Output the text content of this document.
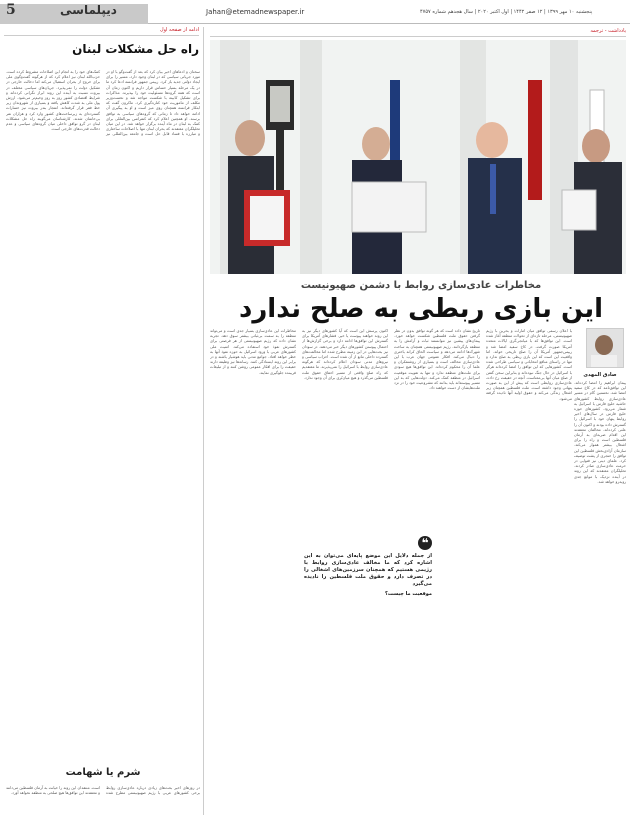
5	دیپلماسی	Jahan@etemadnewspaper.ir	پنجشنبه ۱۰ مهر ۱۳۹۹ | ۱۲ صفر ۱۴۴۲ | اول اکتبر ۲۰۲۰ | سال هجدهم شماره ۴۷۵۷
ادامه از صفحه اول
راه حل مشکلات لبنان
سخنان و ادعاهای اخیر بیان کرد که بعد از گفت‌وگو با او در مورد جریانی سیاسی که در لبنان وجود دارد، مسیر را برای ایجاد دولتی جدید باز کرد. رییس جمهور فرانسه ادعا کرد ما در یک مرحله بسیار حساس قرار داریم و اکنون زمان آن است که همه گروه‌ها مسئولیت خود را بپذیرند. مذاکرات برای تشکیل کابینه با شکست مواجه شد و نخست‌وزیر مکلف از ماموریت خود کناره‌گیری کرد. ماکرون گفت که ابتکار فرانسه همچنان روی میز است و او به پیگیری آن ادامه خواهد داد تا زمانی که گروه‌های سیاسی به توافق برسند. او همچنین اعلام کرد که کنفرانس بین‌المللی برای کمک به لبنان در ماه آینده برگزار خواهد شد. در این میان تحلیلگران معتقدند که بحران لبنان تنها با اصلاحات ساختاری و مبارزه با فساد قابل حل است و جامعه بین‌المللی نیز کمک‌های خود را به انجام این اصلاحات مشروط کرده است. حزب‌الله لبنان نیز اعلام کرد که از هرگونه گفت‌وگوی ملی برای خروج از بحران استقبال می‌کند اما دخالت خارجی در تشکیل دولت را نمی‌پذیرد. جریان‌های سیاسی مختلف در بیروت نسبت به آینده این روند ابراز نگرانی کرده‌اند و شرایط اقتصادی کشور روز به روز وخیم‌تر می‌شود. ارزش پول ملی به شدت کاهش یافته و بسیاری از شهروندان زیر خط فقر قرار گرفته‌اند. انفجار بندر بیروت نیز خسارات گسترده‌ای به زیرساخت‌های کشور وارد کرد و هزاران نفر بی‌خانمان شدند. کارشناسان می‌گویند راه حل مشکلات لبنان در گرو توافق داخلی میان گروه‌های سیاسی و عدم دخالت قدرت‌های خارجی است.
شرم یا شهامت
در روزهای اخیر بحث‌های زیادی درباره عادی‌سازی روابط برخی کشورهای عربی با رژیم صهیونیستی مطرح شده است. منتقدان این روند را خیانت به آرمان فلسطین می‌دانند و معتقدند این توافق‌ها هیچ صلحی به منطقه نخواهد آورد.
یادداشت - ترجمه
مخاطرات عادی‌سازی روابط با دشمن صهیونیست
این بازی ربطی به صلح ندارد
صادق المهدی
با اعلان رسمی توافق میان امارات و بحرین با رژیم صهیونیستی، مرحله تازه‌ای از تحولات منطقه آغاز شده است. این توافق‌ها که با میانجی‌گری ایالات متحده آمریکا صورت گرفت، در کاخ سفید امضا شد و رییس‌جمهور آمریکا آن را صلح تاریخی خواند. اما واقعیت این است که این بازی ربطی به صلح ندارد و تنها در راستای منافع انتخاباتی و سیاسی طراحی شده است. کشورهایی که این توافق را امضا کرده‌اند هرگز با اسرائیل در حال جنگ نبوده‌اند و بنابراین سخن گفتن از صلح میان آنها بی‌معناست. آنچه در حقیقت رخ داده، عادی‌سازی روابطی است که پیش از این به صورت پنهانی وجود داشته است. ملت فلسطین همچنان زیر اشغال زندگی می‌کند و حقوق اولیه آنها نادیده گرفته می‌شود.
تاریخ نشان داده است که هر گونه توافق بدون در نظر گرفتن حقوق ملت فلسطین شکست خواهد خورد. پیمان‌های پیشین نیز نتوانستند ثبات و آرامش را به منطقه بازگردانند. رژیم صهیونیستی همچنان به ساخت شهرک‌ها ادامه می‌دهد و سیاست الحاق کرانه باختری را دنبال می‌کند. افکار عمومی جهان عرب با این عادی‌سازی مخالف است و بسیاری از روشنفکران و علما آن را محکوم کرده‌اند. این توافق‌ها هیچ سودی برای ملت‌های منطقه ندارد و تنها به تقویت موقعیت اسرائیل در منطقه کمک می‌کند. دولت‌هایی که به این مسیر پیوسته‌اند باید بدانند که مشروعیت خود را در نزد ملت‌هایشان از دست خواهند داد.
اکنون پرسش این است که آیا کشورهای دیگر نیز به این روند خواهند پیوست یا خیر. فشارهای آمریکا برای گسترش این توافق‌ها ادامه دارد و برخی گزارش‌ها از احتمال پیوستن کشورهای دیگر خبر می‌دهند. در سودان نیز بحث‌هایی در این زمینه مطرح شده اما مخالفت‌های گسترده داخلی مانع از آن شده است. احزاب سیاسی و نیروهای مدنی سودان اعلام کرده‌اند که هرگونه عادی‌سازی روابط با اسرائیل را نمی‌پذیرند. ما معتقدیم که راه صلح واقعی از مسیر احقاق حقوق ملت فلسطین می‌گذرد و هیچ میان‌بُری برای آن وجود ندارد.
مخاطرات این عادی‌سازی بسیار جدی است و می‌تواند منطقه را به سمت بی‌ثباتی بیشتر سوق دهد. تجربه نشان داده که رژیم صهیونیستی از هر فرصتی برای گسترش نفوذ خود استفاده می‌کند. امنیت ملی کشورهای عربی با ورود اسرائیل به حوزه نفوذ آنها به خطر خواهد افتاد. جوامع مدنی باید هوشیار باشند و در برابر این روند ایستادگی کنند. رسانه‌ها نیز وظیفه دارند حقیقت را برای افکار عمومی روشن کنند و از تبلیغات فریبنده جلوگیری نمایند.
پیمان ابراهیم را امضا کرده‌اند. این توافق‌نامه که در کاخ سفید امضا شد، نخستین گام در مسیر عادی‌سازی روابط کشورهای حاشیه خلیج فارس با اسرائیل به شمار می‌رود. کشورهای حوزه خلیج فارس در سال‌های اخیر روابط پنهان خود با اسرائیل را گسترش داده بودند و اکنون آن را علنی کرده‌اند. مخالفان معتقدند این اقدام ضربه‌ای به آرمان فلسطین است و راه را برای اشغال بیشتر هموار می‌کند. سازمان آزادی‌بخش فلسطین این توافق را خنجری از پشت توصیف کرد. علمای دینی نیز فتوایی در حرمت عادی‌سازی صادر کردند. تحلیلگران معتقدند که این روند در آینده نزدیک با موانع جدی روبه‌رو خواهد شد.
❝
از جمله دلایل این موضع پایه‌ای می‌توان به این اشاره کرد که ما مخالف عادی‌سازی روابط با رژیمی هستیم که همچنان سرزمین‌های اشغالی را در تصرف دارد و حقوق ملت فلسطین را نادیده می‌گیرد
موقعیت ما چیست؟
